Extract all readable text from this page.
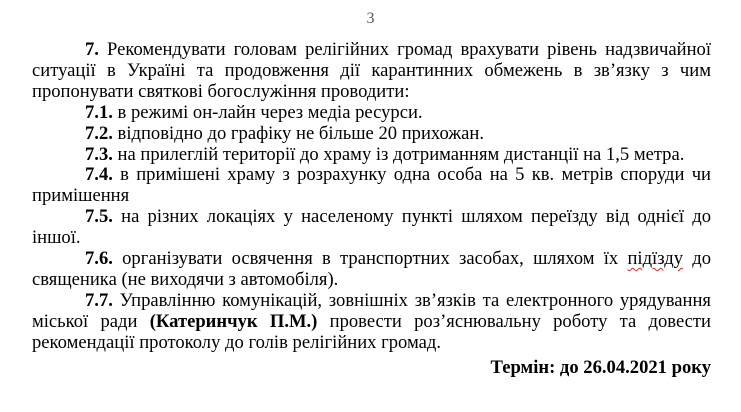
3

7. Рекомендувати головам релігійних громад врахувати рівень надзвичайної ситуації в Україні та продовження дії карантинних обмежень в зв’язку з чим пропонувати святкові богослужіння проводити:

7.1. в режимі он-лайн через медіа ресурси.

7.2. відповідно до графіку не більше 20 прихожан.

7.3. на прилеглій території до храму із дотриманням дистанції на 1,5 метра.

7.4. в примішені храму з розрахунку одна особа на 5 кв. метрів споруди чи примішення

7.5. на різних локаціях у населеному пункті шляхом переїзду від однієї до іншої.

7.6. організувати освячення в транспортних засобах, шляхом їх підїзду до священика (не виходячи з автомобіля).

7.7. Управлінню комунікацій, зовнішніх зв’язків та електронного урядування міської ради (Катеринчук П.М.) провести роз’яснювальну роботу та довести рекомендації протоколу до голів релігійних громад.

Термін: до 26.04.2021 року
